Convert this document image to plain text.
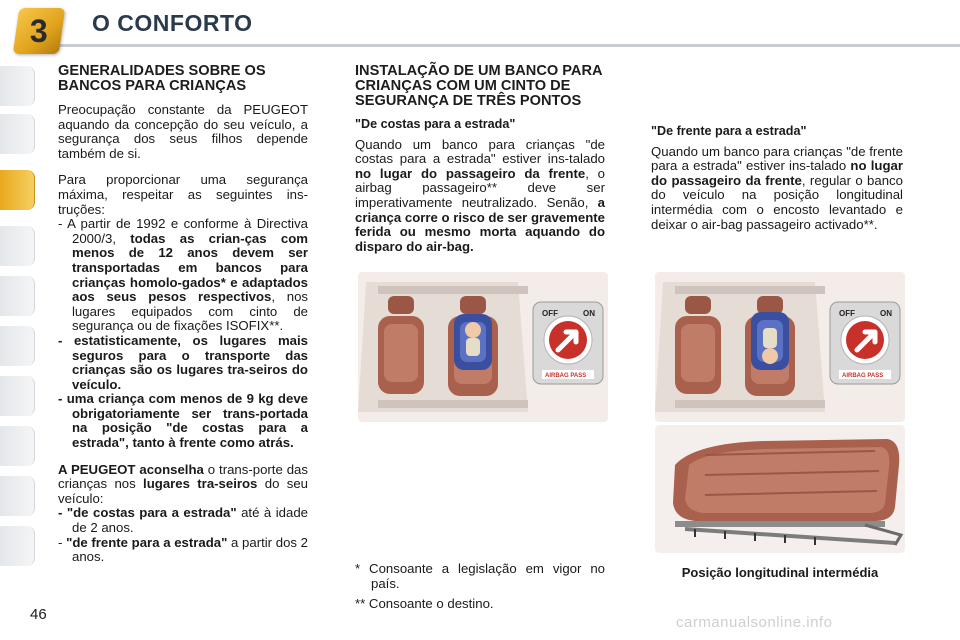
3 O CONFORTO

GENERALIDADES SOBRE OS BANCOS PARA CRIANÇAS

Preocupação constante da PEUGEOT aquando da concepção do seu veículo, a segurança dos seus filhos depende também de si.

Para proporcionar uma segurança máxima, respeitar as seguintes ins-truções:

- A partir de 1992 e conforme à Directiva 2000/3, todas as crian-ças com menos de 12 anos devem ser transportadas em bancos para crianças homolo-gados* e adaptados aos seus pesos respectivos, nos lugares equipados com cinto de segurança ou de fixações ISOFIX**.

- estatisticamente, os lugares mais seguros para o transporte das crianças são os lugares tra-seiros do veículo.

- uma criança com menos de 9 kg deve obrigatoriamente ser trans-portada na posição "de costas para a estrada", tanto à frente como atrás.

A PEUGEOT aconselha o trans-porte das crianças nos lugares tra-seiros do seu veículo:

- "de costas para a estrada" até à idade de 2 anos.

- "de frente para a estrada" a partir dos 2 anos.

INSTALAÇÃO DE UM BANCO PARA CRIANÇAS COM UM CINTO DE SEGURANÇA DE TRÊS PONTOS

"De costas para a estrada"

Quando um banco para crianças "de costas para a estrada" estiver ins-talado no lugar do passageiro da frente, o airbag passageiro** deve ser imperativamente neutralizado. Senão, a criança corre o risco de ser gravemente ferida ou mesmo morta aquando do disparo do air-bag.

OFF	ON
AIRBAG PASS

"De frente para a estrada"

Quando um banco para crianças "de frente para a estrada" estiver ins-talado no lugar do passageiro da frente, regular o banco do veículo na posição longitudinal intermédia com o encosto levantado e deixar o air-bag passageiro activado**.

OFF	ON
AIRBAG PASS
Posição longitudinal intermédia

* Consoante a legislação em vigor no país.

** Consoante o destino.

46	carmanualsonline.info
